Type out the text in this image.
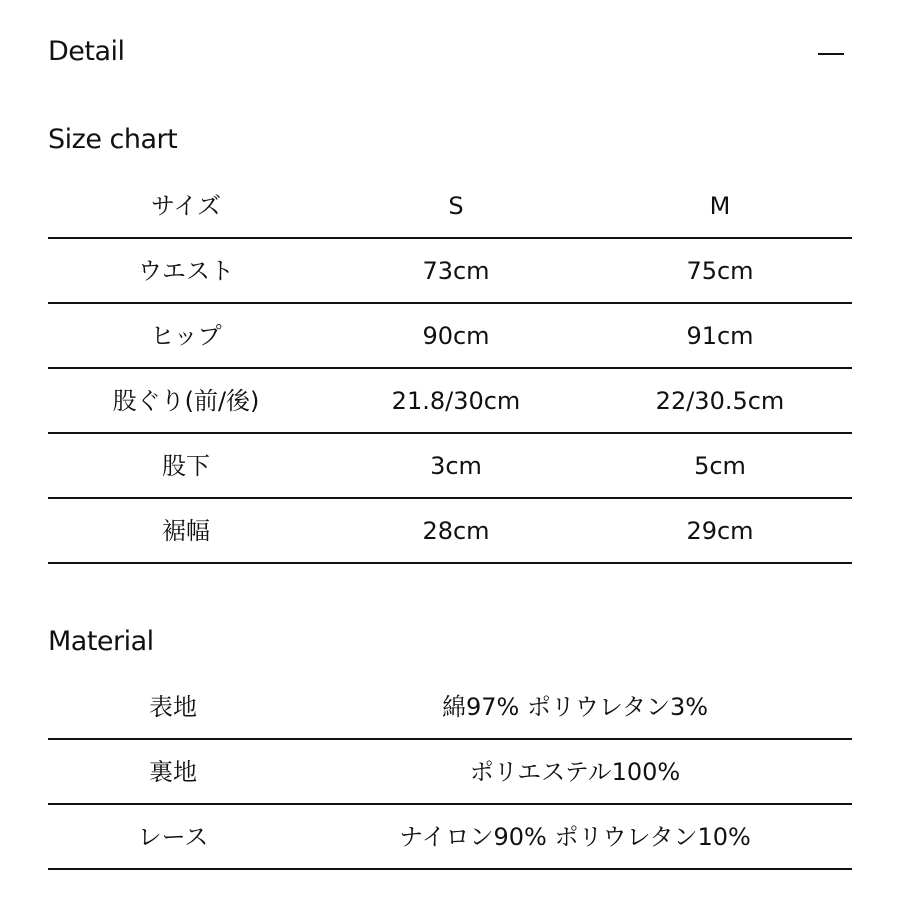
Detail
Size chart
サイズ	S	M
ウエスト	73cm	75cm
ヒップ	90cm	91cm
股ぐり(前/後)	21.8/30cm	22/30.5cm
股下	3cm	5cm
裾幅	28cm	29cm
Material
表地	綿97% ポリウレタン3%
裏地	ポリエステル100%
レース	ナイロン90% ポリウレタン10%
